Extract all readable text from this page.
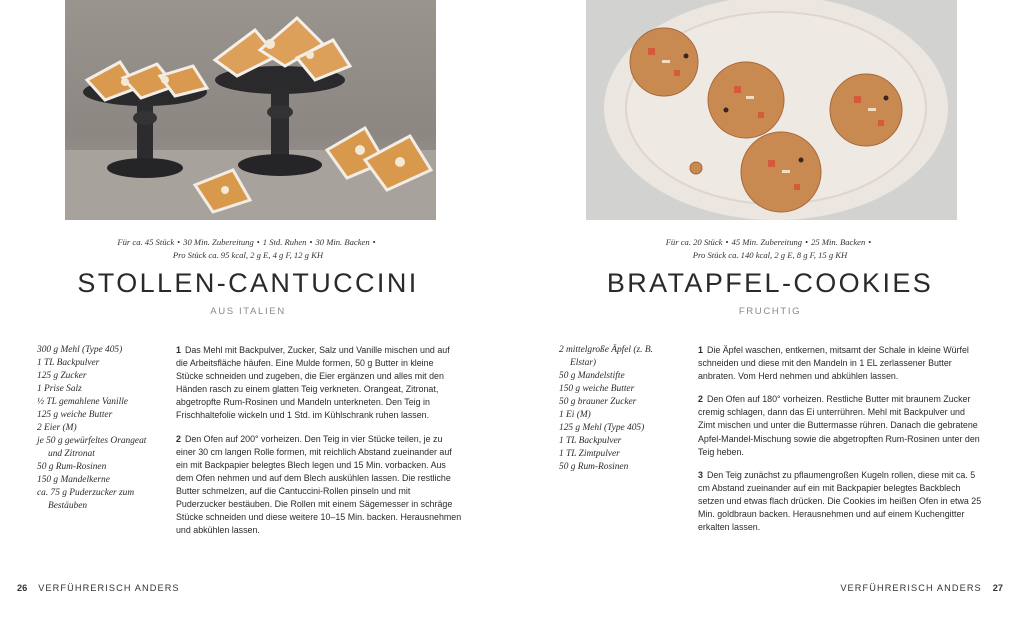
Für ca. 45 Stück • 30 Min. Zubereitung • 1 Std. Ruhen • 30 Min. Backen •
Pro Stück ca. 95 kcal, 2 g E, 4 g F, 12 g KH
STOLLEN-CANTUCCINI
AUS ITALIEN
300 g Mehl (Type 405)
1 TL Backpulver
125 g Zucker
1 Prise Salz
½ TL gemahlene Vanille
125 g weiche Butter
2 Eier (M)
je 50 g gewürfeltes Orangeat und Zitronat
50 g Rum-Rosinen
150 g Mandelkerne
ca. 75 g Puderzucker zum Bestäuben

1 Das Mehl mit Backpulver, Zucker, Salz und Vanille mischen und auf die Arbeitsfläche häufen. Eine Mulde formen, 50 g Butter in kleine Stücke schneiden und zugeben, die Eier ergänzen und alles mit den Händen rasch zu einem glatten Teig verkneten. Orangeat, Zitronat, abgetropfte Rum-Rosinen und Mandeln unterkneten. Den Teig in Frischhaltefolie wickeln und 1 Std. im Kühlschrank ruhen lassen.

2 Den Ofen auf 200° vorheizen. Den Teig in vier Stücke teilen, je zu einer 30 cm langen Rolle formen, mit reichlich Abstand zueinander auf ein mit Backpapier belegtes Blech legen und 15 Min. vorbacken. Aus dem Ofen nehmen und auf dem Blech auskühlen lassen. Die restliche Butter schmelzen, auf die Cantuccini-Rollen pinseln und mit Puderzucker bestäuben. Die Rollen mit einem Sägemesser in schräge Stücke schneiden und diese weitere 10–15 Min. backen. Herausnehmen und abkühlen lassen.

26 VERFÜHRERISCH ANDERS
Für ca. 20 Stück • 45 Min. Zubereitung • 25 Min. Backen •
Pro Stück ca. 140 kcal, 2 g E, 8 g F, 15 g KH
BRATAPFEL-COOKIES
FRUCHTIG
2 mittelgroße Äpfel (z. B. Elstar)
50 g Mandelstifte
150 g weiche Butter
50 g brauner Zucker
1 Ei (M)
125 g Mehl (Type 405)
1 TL Backpulver
1 TL Zimtpulver
50 g Rum-Rosinen

1 Die Äpfel waschen, entkernen, mitsamt der Schale in kleine Würfel schneiden und diese mit den Mandeln in 1 EL zerlassener Butter anbraten. Vom Herd nehmen und abkühlen lassen.

2 Den Ofen auf 180° vorheizen. Restliche Butter mit braunem Zucker cremig schlagen, dann das Ei unterrühren. Mehl mit Backpulver und Zimt mischen und unter die Buttermasse rühren. Danach die gebratene Apfel-Mandel-Mischung sowie die abgetropften Rum-Rosinen unter den Teig heben.

3 Den Teig zunächst zu pflaumengroßen Kugeln rollen, diese mit ca. 5 cm Abstand zueinander auf ein mit Backpapier belegtes Backblech setzen und etwas flach drücken. Die Cookies im heißen Ofen in etwa 25 Min. goldbraun backen. Herausnehmen und auf einem Kuchengitter erkalten lassen.

VERFÜHRERISCH ANDERS 27
